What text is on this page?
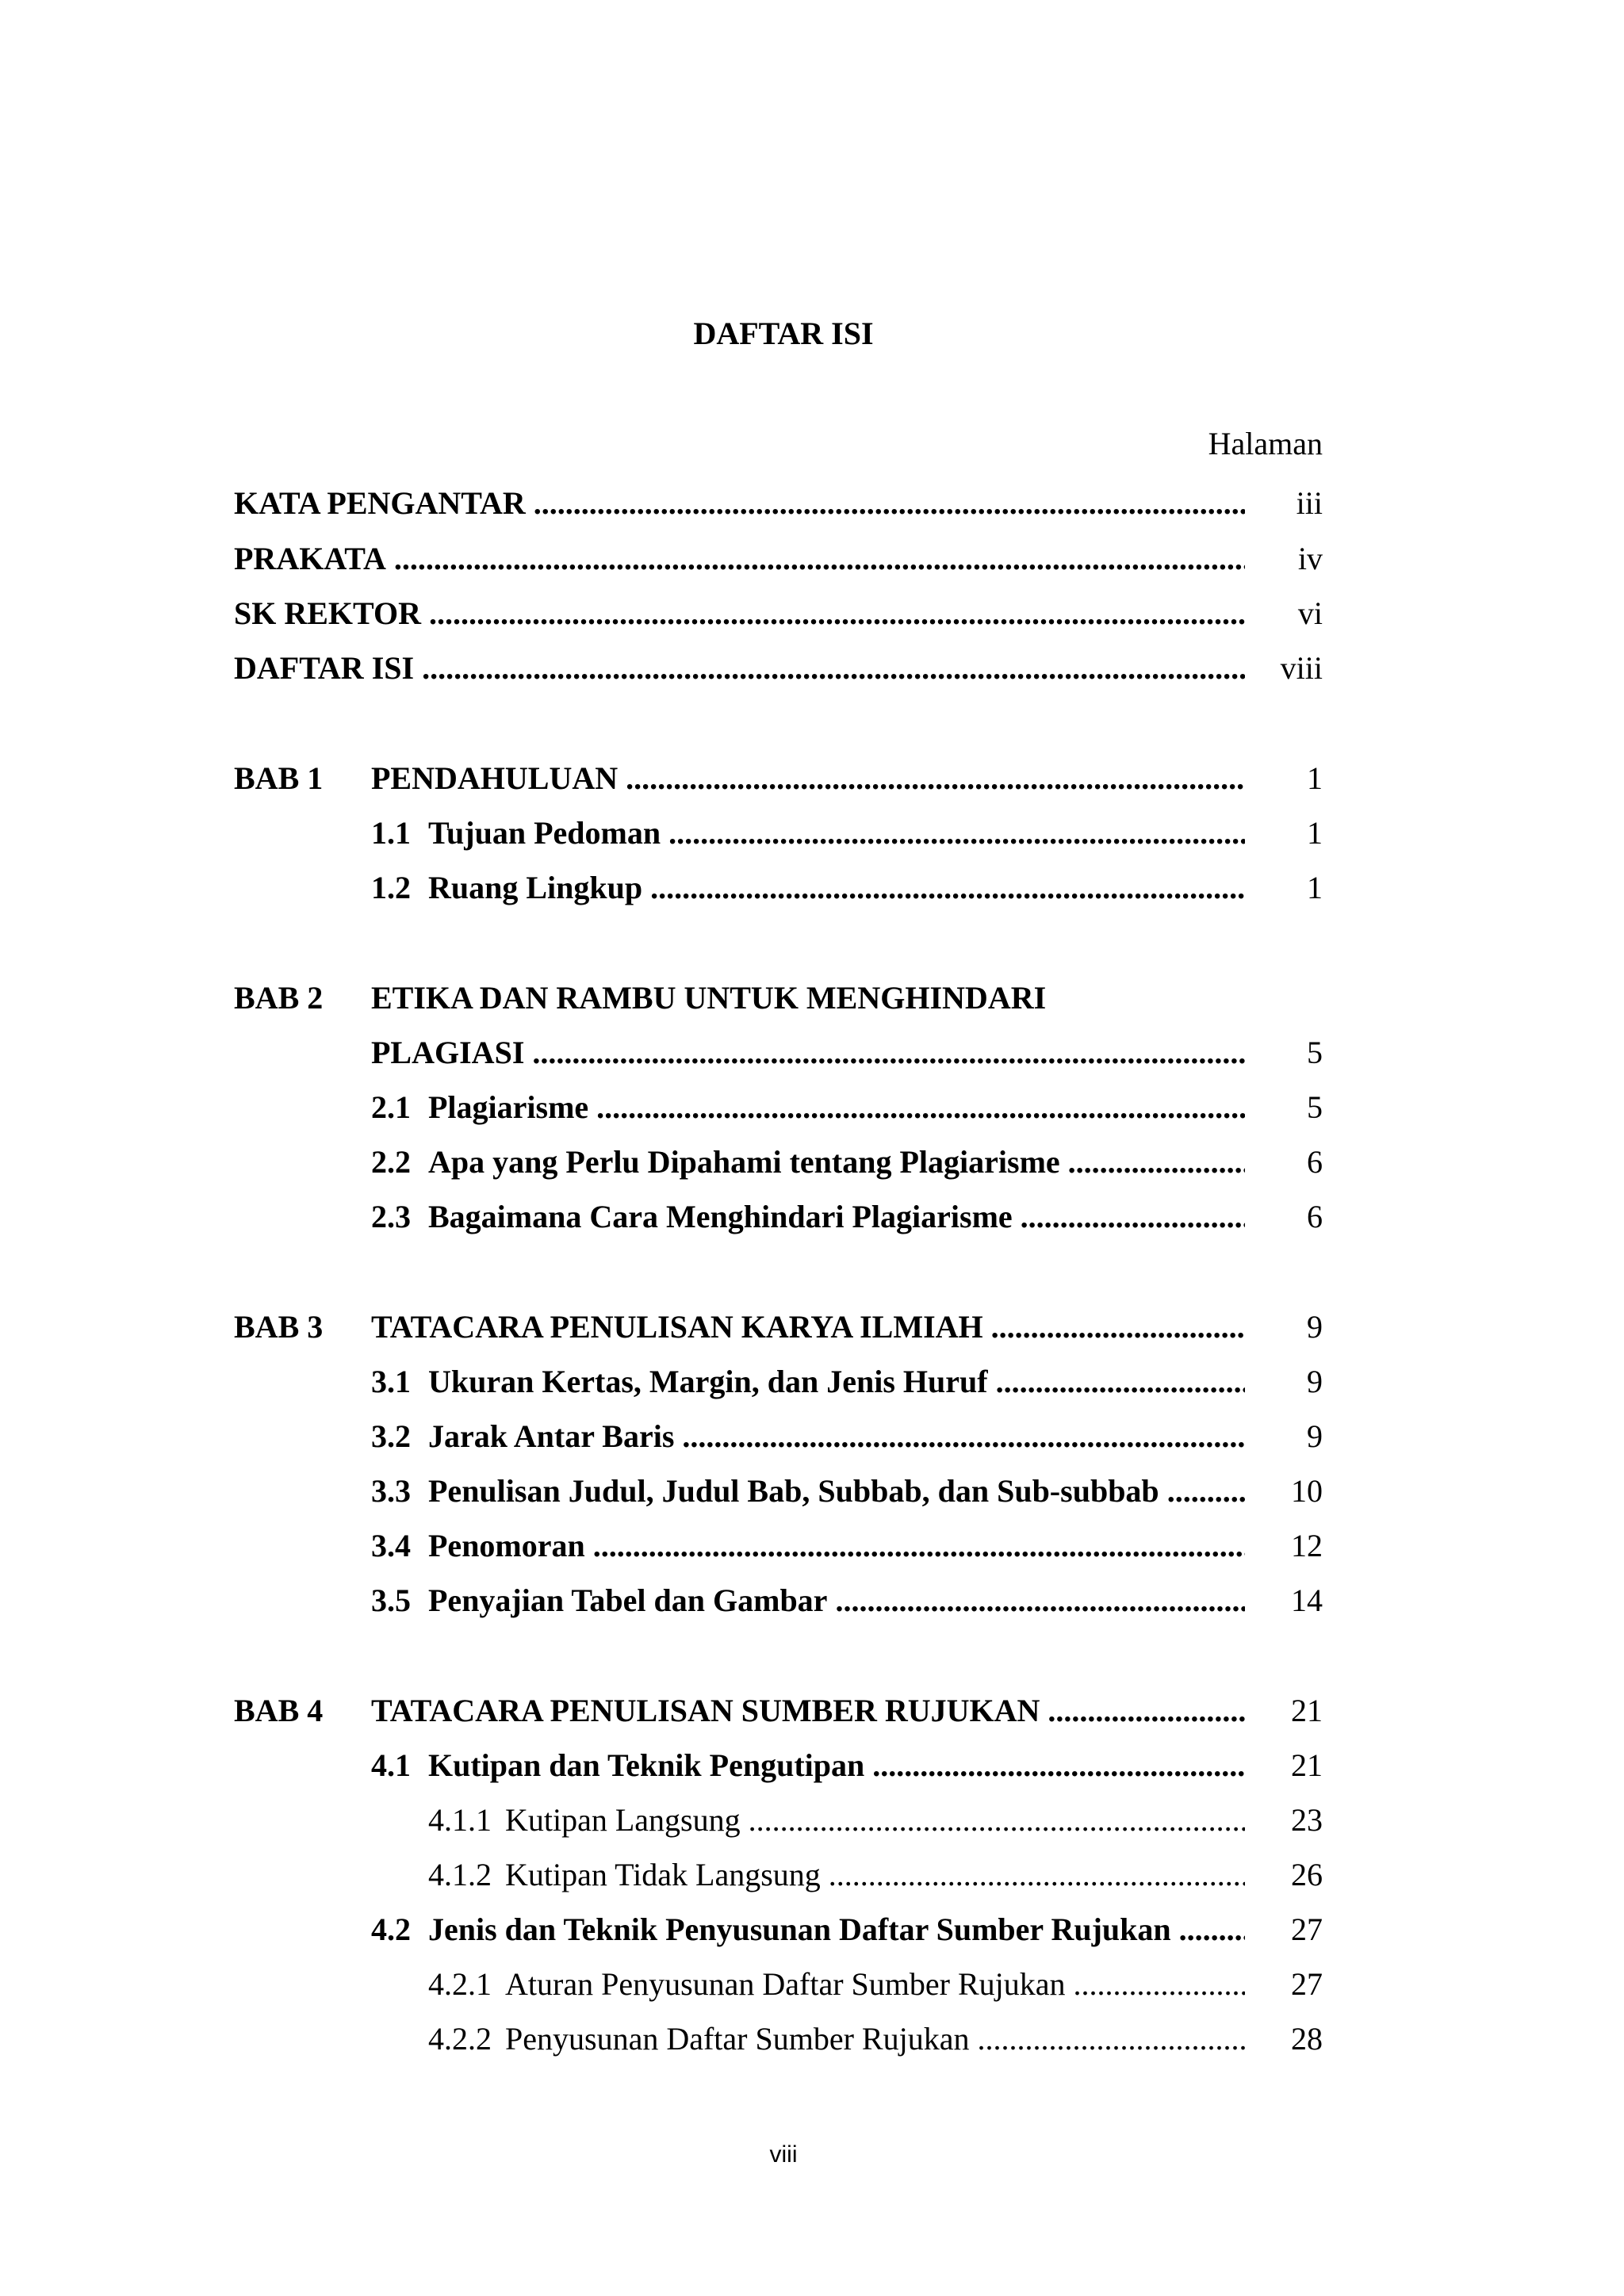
DAFTAR ISI
Halaman
KATA PENGANTAR .....	iii
PRAKATA .....	iv
SK REKTOR .....	vi
DAFTAR ISI .....	viii
BAB 1 PENDAHULUAN .....	1
1.1 Tujuan Pedoman .....	1
1.2 Ruang Lingkup .....	1
BAB 2 ETIKA DAN RAMBU UNTUK MENGHINDARI
PLAGIASI .....	5
2.1 Plagiarisme .....	5
2.2 Apa yang Perlu Dipahami tentang Plagiarisme .....	6
2.3 Bagaimana Cara Menghindari Plagiarisme .....	6
BAB 3 TATACARA PENULISAN KARYA ILMIAH .....	9
3.1 Ukuran Kertas, Margin, dan Jenis Huruf .....	9
3.2 Jarak Antar Baris .....	9
3.3 Penulisan Judul, Judul Bab, Subbab, dan Sub-subbab .....	10
3.4 Penomoran .....	12
3.5 Penyajian Tabel dan Gambar .....	14
BAB 4 TATACARA PENULISAN SUMBER RUJUKAN .....	21
4.1 Kutipan dan Teknik Pengutipan .....	21
4.1.1 Kutipan Langsung .....	23
4.1.2 Kutipan Tidak Langsung .....	26
4.2 Jenis dan Teknik Penyusunan Daftar Sumber Rujukan .....	27
4.2.1 Aturan Penyusunan Daftar Sumber Rujukan .....	27
4.2.2 Penyusunan Daftar Sumber Rujukan .....	28
viii
